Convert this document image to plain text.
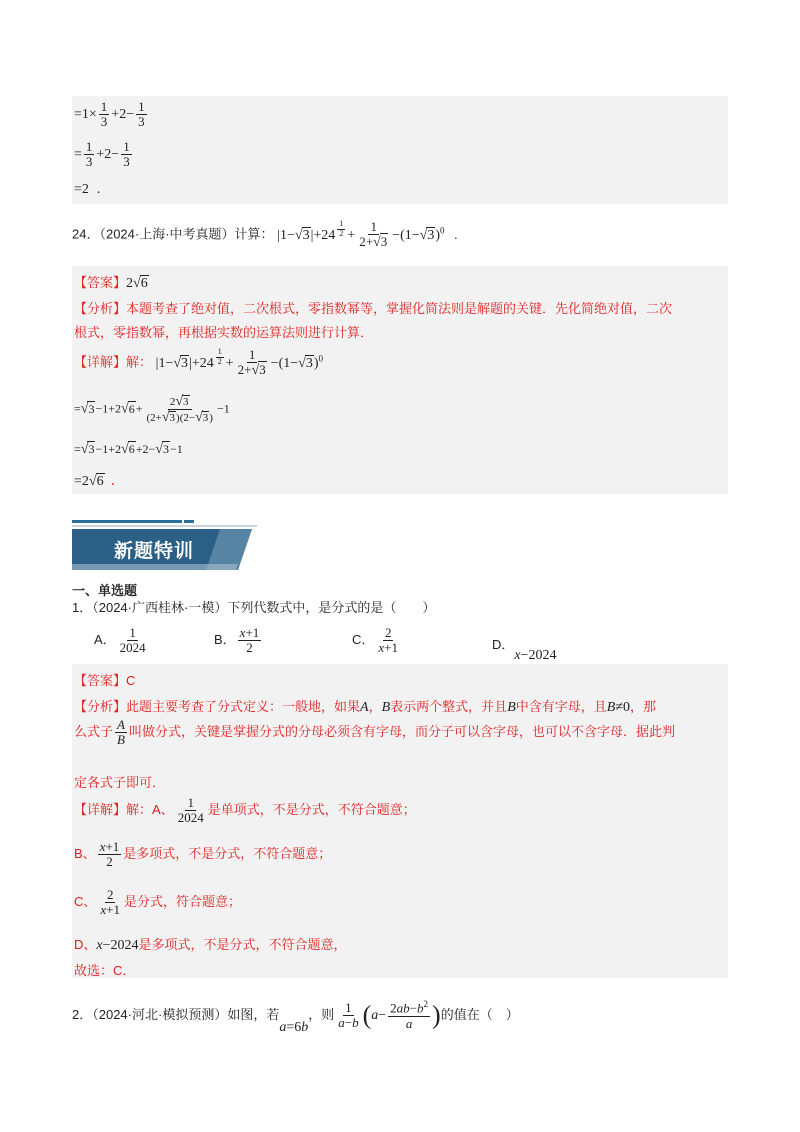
$=1\times \frac{1}{3} +2- \frac{1}{3}$
= $\frac{1}{3} +2- \frac{1}{3}$
=2 .
24．（2024·上海·中考真题）计算： |1−√3|+24 $^{\frac{1}{2}} + \frac{1}{2+√3} -(1-√3)^0$ .
【答案】2√6
【分析】本题考查了绝对值，二次根式，零指数幂等，掌握化简法则是解题的关键．先化简绝对值，二次
根式，零指数幂，再根据实数的运算法则进行计算．
【详解】解： |1−√3|+24 $^{\frac{1}{2}} + \frac{1}{2+√3} -(1-√3)^0$
$=√3-1+2√6+ \frac{2√3}{(2+√3)(2-√3)} -1$
=√3−1+2√6+2−√3−1
=2√6 ．
新题特训
一、单选题
1．（2024·广西桂林·一模）下列代数式中，是分式的是（　　）
A． $\frac{1}{2024}$	B． $\frac{x+1}{2}$	C． $\frac{2}{x+1}$	D．x−2024
【答案】C
【分析】此题主要考查了分式定义：一般地，如果A，B表示两个整式，并且B中含有字母，且B≠0，那
么式子 $\frac{A}{B}$ 叫做分式，关键是掌握分式的分母必须含有字母，而分子可以含字母，也可以不含字母．据此判
定各式子即可．
【详解】解：A、 $\frac{1}{2024}$ 是单项式，不是分式，不符合题意；
B、 $\frac{x+1}{2}$ 是多项式，不是分式，不符合题意；
C、 $\frac{2}{x+1}$ 是分式，符合题意；
D、x−2024是多项式，不是分式，不符合题意，
故选：C．
2．（2024·河北·模拟预测）如图，若a=6b，则 $\frac{1}{a-b} (a- \frac{2ab-b^2}{a}$ )的值在（　）
